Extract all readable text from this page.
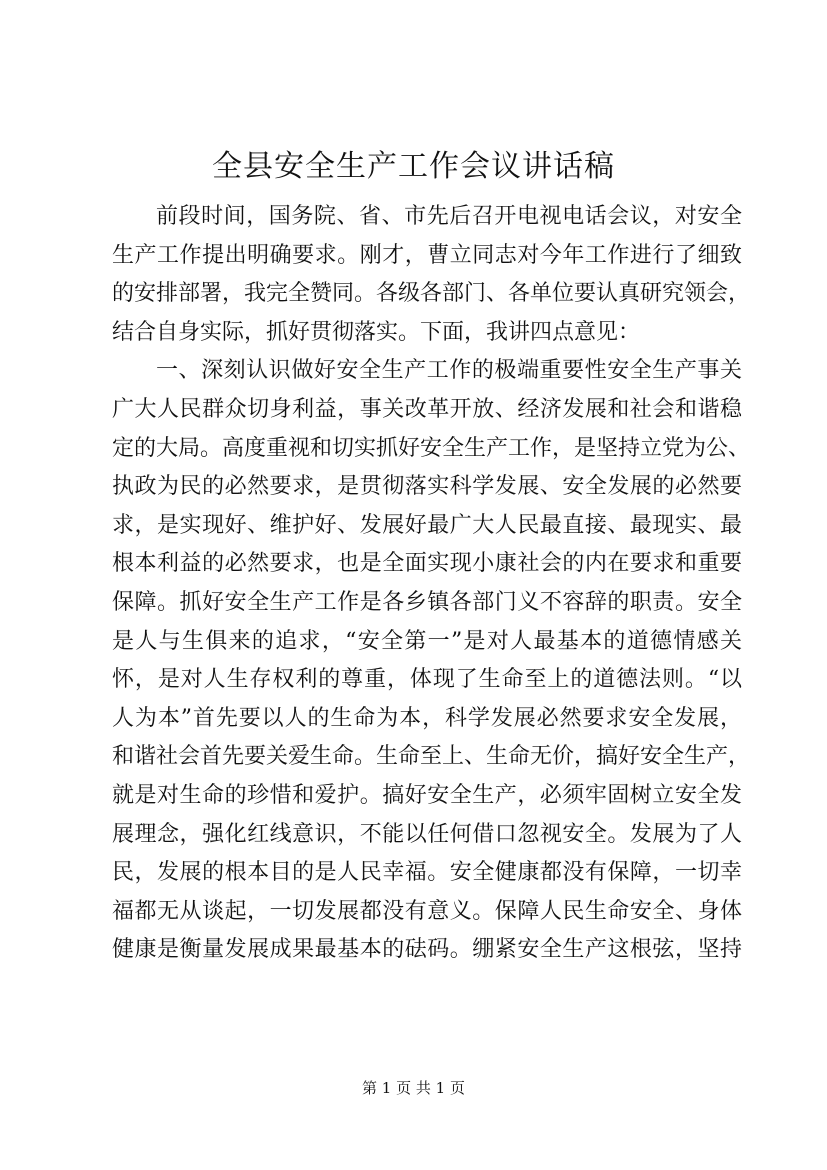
全县安全生产工作会议讲话稿
前段时间，国务院、省、市先后召开电视电话会议，对安全
生产工作提出明确要求。刚才，曹立同志对今年工作进行了细致
的安排部署，我完全赞同。各级各部门、各单位要认真研究领会，
结合自身实际，抓好贯彻落实。下面，我讲四点意见：
一、深刻认识做好安全生产工作的极端重要性安全生产事关
广大人民群众切身利益，事关改革开放、经济发展和社会和谐稳
定的大局。高度重视和切实抓好安全生产工作，是坚持立党为公、
执政为民的必然要求，是贯彻落实科学发展、安全发展的必然要
求，是实现好、维护好、发展好最广大人民最直接、最现实、最
根本利益的必然要求，也是全面实现小康社会的内在要求和重要
保障。抓好安全生产工作是各乡镇各部门义不容辞的职责。安全
是人与生俱来的追求，“安全第一”是对人最基本的道德情感关
怀，是对人生存权利的尊重，体现了生命至上的道德法则。“以
人为本”首先要以人的生命为本，科学发展必然要求安全发展，
和谐社会首先要关爱生命。生命至上、生命无价，搞好安全生产，
就是对生命的珍惜和爱护。搞好安全生产，必须牢固树立安全发
展理念，强化红线意识，不能以任何借口忽视安全。发展为了人
民，发展的根本目的是人民幸福。安全健康都没有保障，一切幸
福都无从谈起，一切发展都没有意义。保障人民生命安全、身体
健康是衡量发展成果最基本的砝码。绷紧安全生产这根弦，坚持
第 1 页 共 1 页
